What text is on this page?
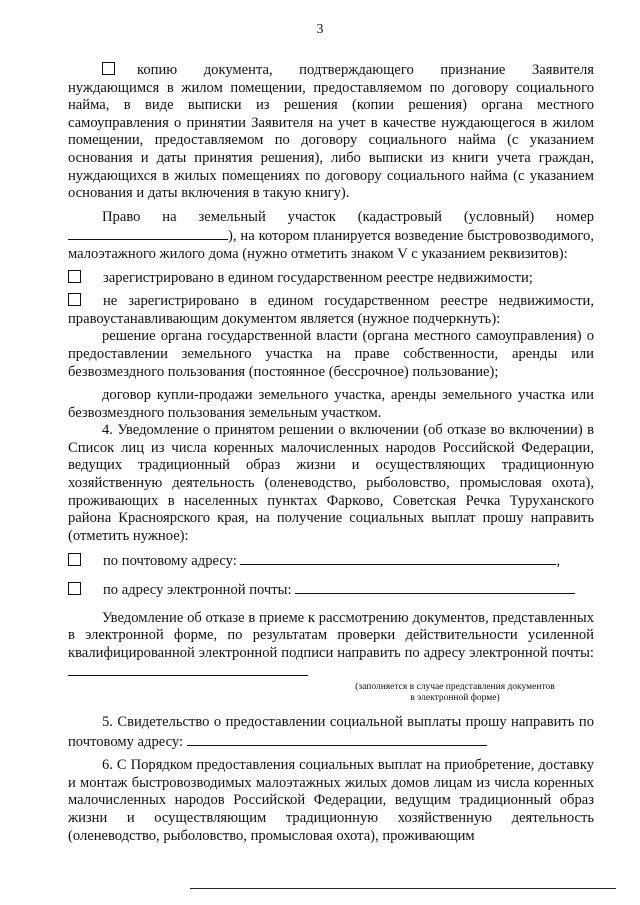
3

копию документа, подтверждающего признание Заявителя нуждающимся в жилом помещении, предоставляемом по договору социального найма, в виде выписки из решения (копии решения) органа местного самоуправления о принятии Заявителя на учет в качестве нуждающегося в жилом помещении, предоставляемом по договору социального найма (с указанием основания и даты принятия решения), либо выписки из книги учета граждан, нуждающихся в жилых помещениях по договору социального найма (с указанием основания и даты включения в такую книгу).

Право на земельный участок (кадастровый (условный) номер ), на котором планируется возведение быстровозводимого, малоэтажного жилого дома (нужно отметить знаком V с указанием реквизитов):

зарегистрировано в едином государственном реестре недвижимости;

не зарегистрировано в едином государственном реестре недвижимости, правоустанавливающим документом является (нужное подчеркнуть):

решение органа государственной власти (органа местного самоуправления) о предоставлении земельного участка на праве собственности, аренды или безвозмездного пользования (постоянное (бессрочное) пользование);

договор купли-продажи земельного участка, аренды земельного участка или безвозмездного пользования земельным участком.

4. Уведомление о принятом решении о включении (об отказе во включении) в Список лиц из числа коренных малочисленных народов Российской Федерации, ведущих традиционный образ жизни и осуществляющих традиционную хозяйственную деятельность (оленеводство, рыболовство, промысловая охота), проживающих в населенных пунктах Фарково, Советская Речка Туруханского района Красноярского края, на получение социальных выплат прошу направить (отметить нужное):

по почтовому адресу:	,

по адресу электронной почты:

Уведомление об отказе в приеме к рассмотрению документов, представленных в электронной форме, по результатам проверки действительности усиленной квалифицированной электронной подписи направить по адресу электронной почты:

(заполняется в случае представления документов
в электронной форме)

5. Свидетельство о предоставлении социальной выплаты прошу направить по почтовому адресу:

6. С Порядком предоставления социальных выплат на приобретение, доставку и монтаж быстровозводимых малоэтажных жилых домов лицам из числа коренных малочисленных народов Российской Федерации, ведущим традиционный образ жизни и осуществляющим традиционную хозяйственную деятельность (оленеводство, рыболовство, промысловая охота), проживающим
